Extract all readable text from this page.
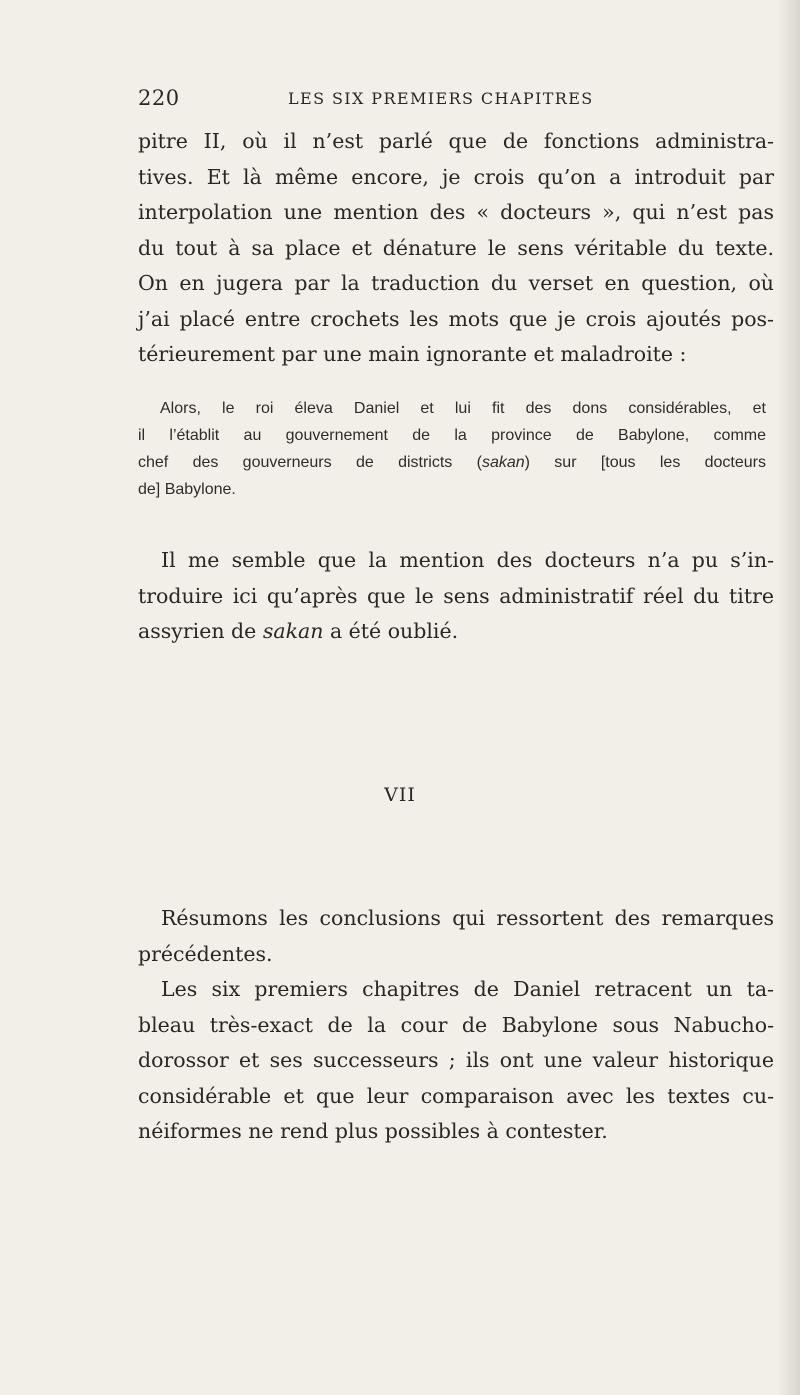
220	LES SIX PREMIERS CHAPITRES

pitre II, où il n’est parlé que de fonctions administra-
tives. Et là même encore, je crois qu’on a introduit par
interpolation une mention des « docteurs », qui n’est pas
du tout à sa place et dénature le sens véritable du texte.
On en jugera par la traduction du verset en question, où
j’ai placé entre crochets les mots que je crois ajoutés pos-
térieurement par une main ignorante et maladroite :

Alors, le roi éleva Daniel et lui fit des dons considérables, et
il l’établit au gouvernement de la province de Babylone, comme
chef des gouverneurs de districts (sakan) sur [tous les docteurs
de] Babylone.

Il me semble que la mention des docteurs n’a pu s’in-
troduire ici qu’après que le sens administratif réel du titre
assyrien de sakan a été oublié.

VII

Résumons les conclusions qui ressortent des remarques
précédentes.

Les six premiers chapitres de Daniel retracent un ta-
bleau très-exact de la cour de Babylone sous Nabucho-
dorossor et ses successeurs ; ils ont une valeur historique
considérable et que leur comparaison avec les textes cu-
néiformes ne rend plus possibles à contester.
